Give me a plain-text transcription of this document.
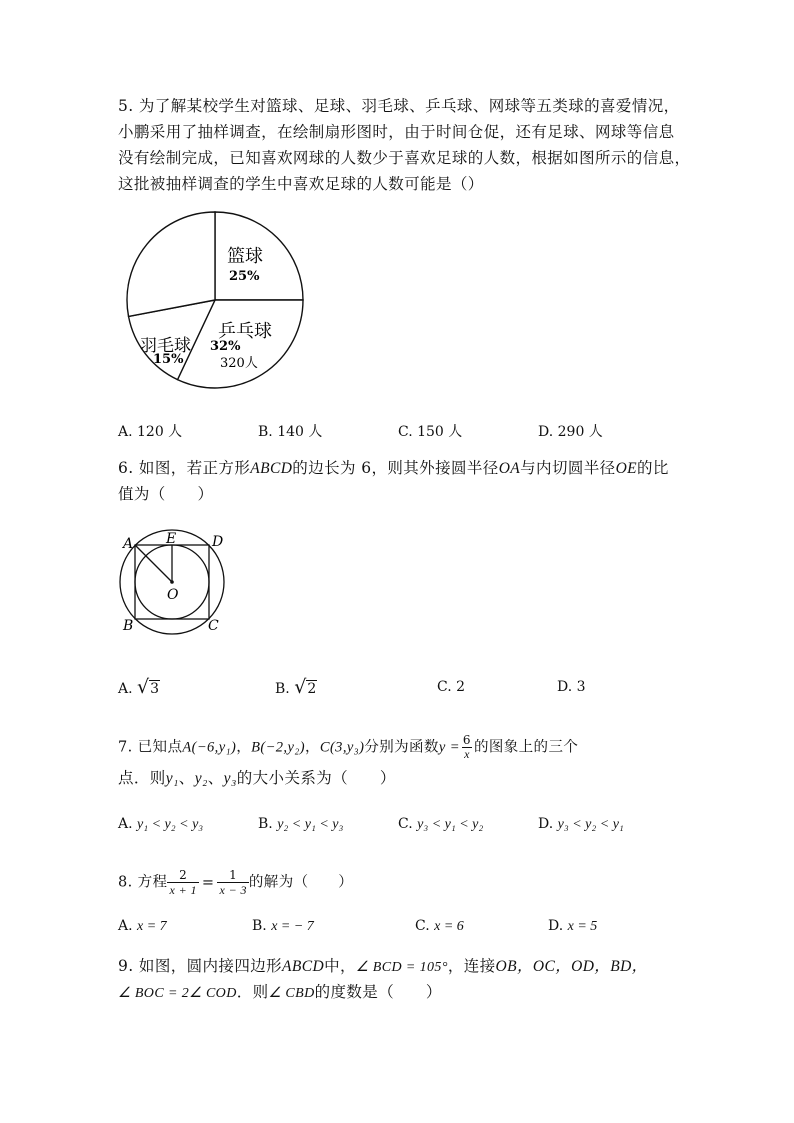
5. 为了解某校学生对篮球、足球、羽毛球、乒乓球、网球等五类球的喜爱情况，
小鹏采用了抽样调查，在绘制扇形图时，由于时间仓促，还有足球、网球等信息
没有绘制完成，已知喜欢网球的人数少于喜欢足球的人数，根据如图所示的信息，
这批被抽样调查的学生中喜欢足球的人数可能是（）
篮球
25%
乒乓球
32%
320人
羽毛球
15%
A. 120 人	B. 140 人	C. 150 人	D. 290 人
6. 如图，若正方形ABCD的边长为 6，则其外接圆半径OA与内切圆半径OE的比
值为（　　）
A E	D
O
B	C
A. √3	B. √2	C. 2	D. 3
7. 已知点A(−6,y₁)，B(−2,y₂)，C(3,y₃)分别为函数$y = \frac{6}{x}$ 的图象上的三个
点．则y₁、y₂、y₃的大小关系为（　　）
A. y₁ < y₂ < y₃	B. y₂ < y₁ < y₃	C. y₃ < y₁ < y₂	D. y₃ < y₂ < y₁
8. 方程 $\frac{2}{x + 1} = \frac{1}{x - 3}$ 的解为（　　）
A. x = 7	B. x = − 7	C. x = 6	D. x = 5
9. 如图，圆内接四边形ABCD中，∠ BCD = 105°，连接OB，OC，OD，BD，
∠ BOC = 2∠ COD．则∠ CBD的度数是（　　）
